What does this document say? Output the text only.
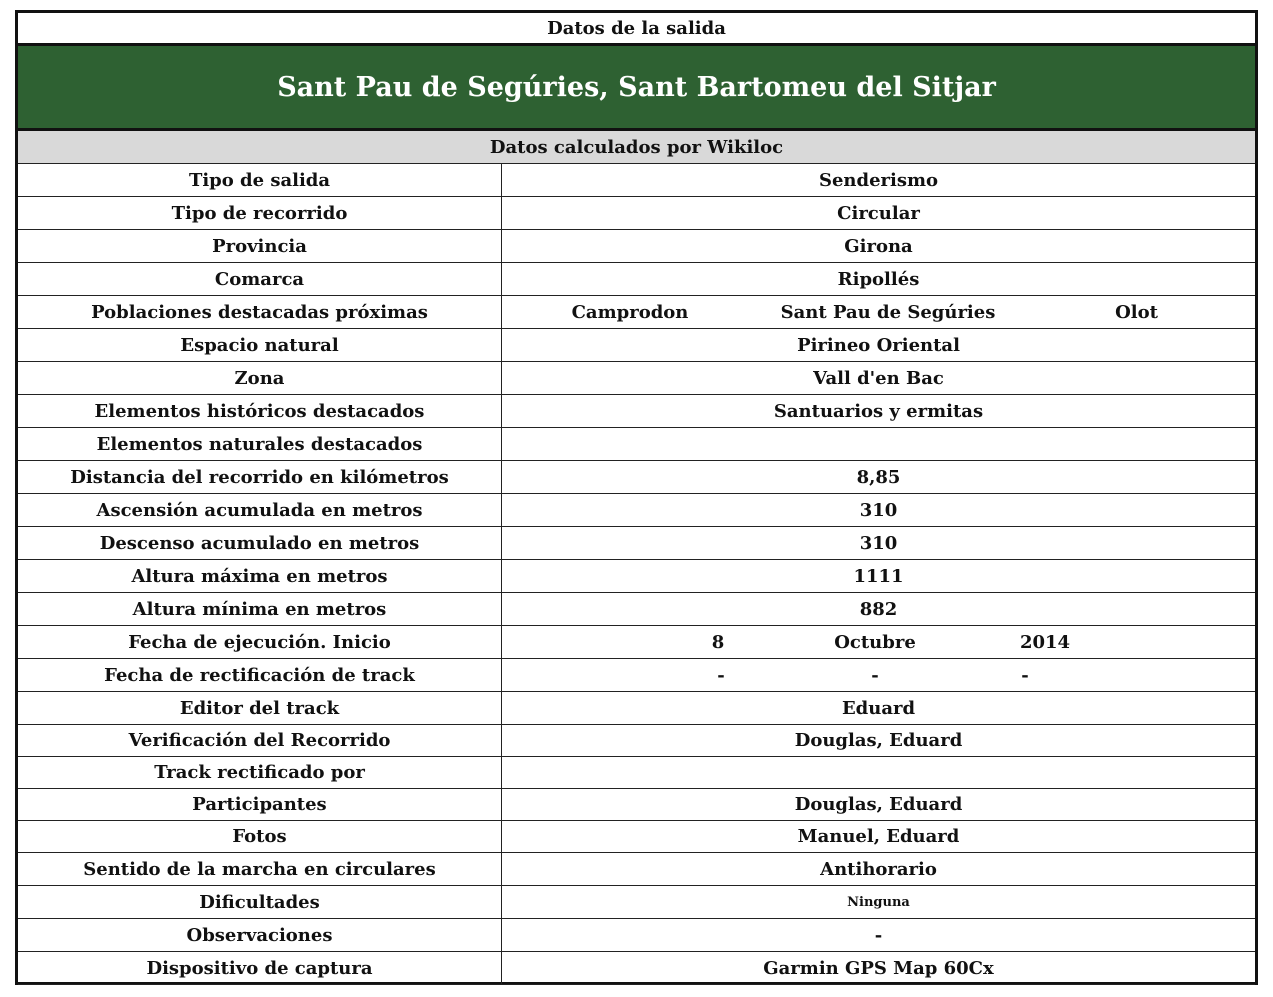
Datos de la salida
Sant Pau de Segúries, Sant Bartomeu del Sitjar
Datos calculados por Wikiloc
Tipo de salida	Senderismo
Tipo de recorrido	Circular
Provincia	Girona
Comarca	Ripollés
Poblaciones destacadas próximas	Camprodon	Sant Pau de Segúries	Olot
Espacio natural	Pirineo Oriental
Zona	Vall d'en Bac
Elementos históricos destacados	Santuarios y ermitas
Elementos naturales destacados
Distancia del recorrido en kilómetros	8,85
Ascensión acumulada en metros	310
Descenso acumulado en metros	310
Altura máxima en metros	1111
Altura mínima en metros	882
Fecha de ejecución. Inicio	8	Octubre	2014
Fecha de rectificación de track	-	-	-
Editor del track	Eduard
Verificación del Recorrido	Douglas, Eduard
Track rectificado por
Participantes	Douglas, Eduard
Fotos	Manuel, Eduard
Sentido de la marcha en circulares	Antihorario
Dificultades	Ninguna
Observaciones	-
Dispositivo de captura	Garmin GPS Map 60Cx
